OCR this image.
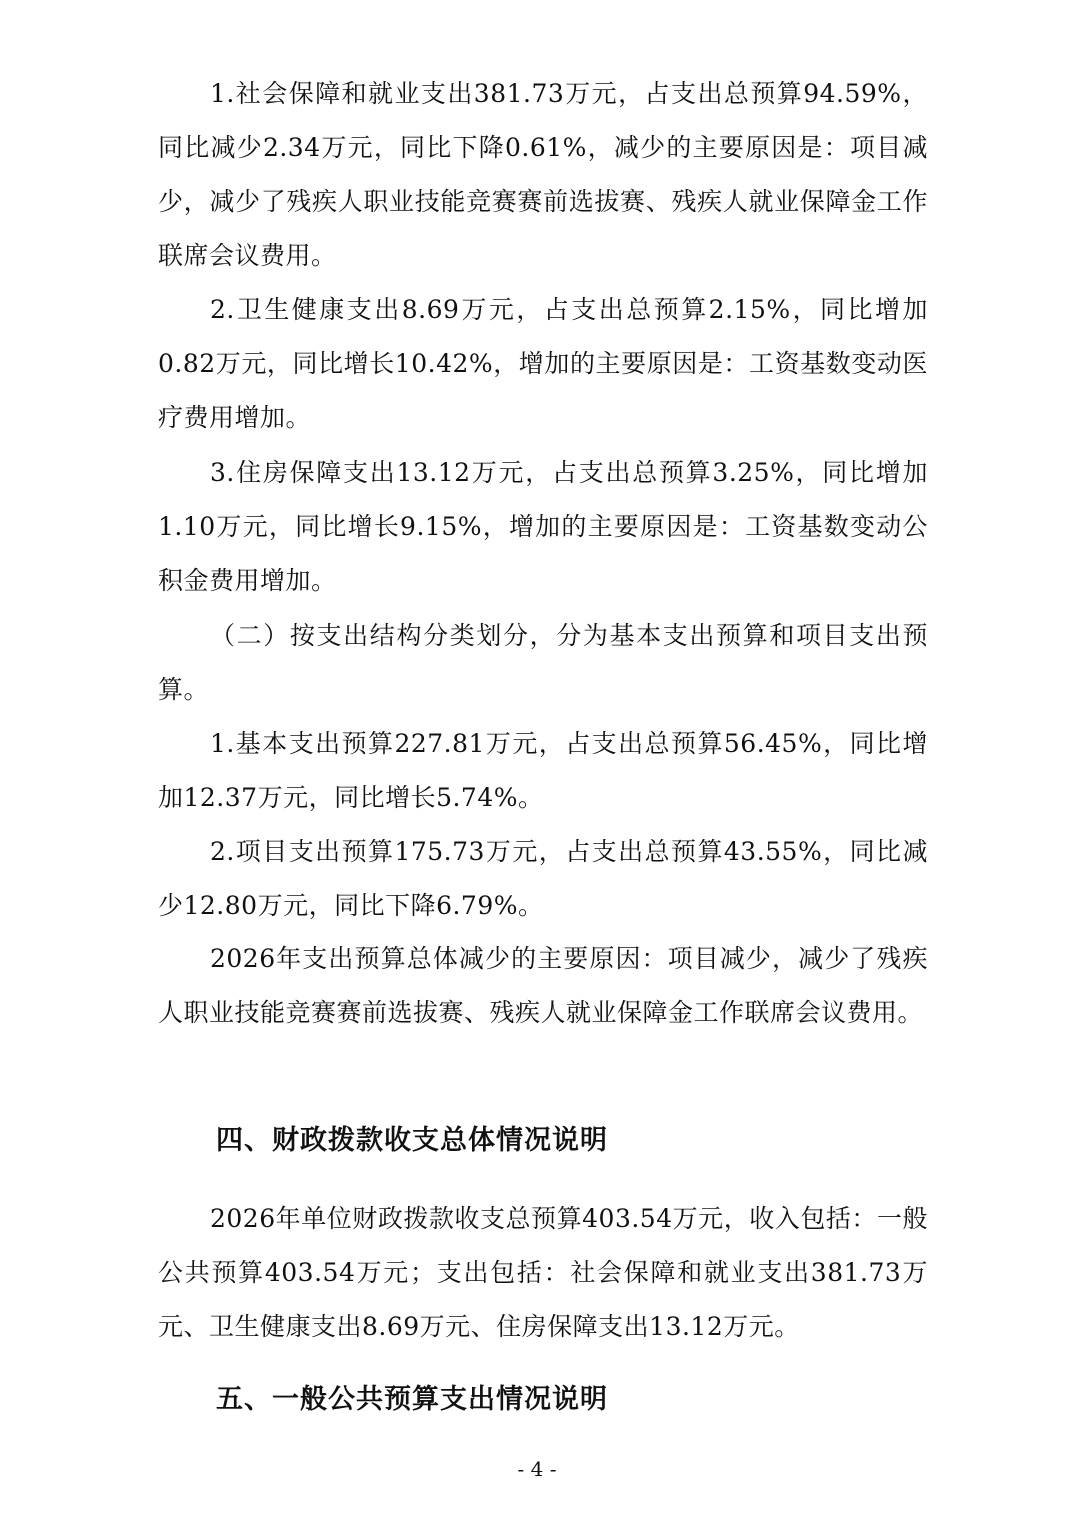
1.社会保障和就业支出381.73万元，占支出总预算94.59%，同比减少2.34万元，同比下降0.61%，减少的主要原因是：项目减少，减少了残疾人职业技能竞赛赛前选拔赛、残疾人就业保障金工作联席会议费用。

2.卫生健康支出8.69万元，占支出总预算2.15%，同比增加0.82万元，同比增长10.42%，增加的主要原因是：工资基数变动医疗费用增加。

3.住房保障支出13.12万元，占支出总预算3.25%，同比增加1.10万元，同比增长9.15%，增加的主要原因是：工资基数变动公积金费用增加。

（二）按支出结构分类划分，分为基本支出预算和项目支出预算。

1.基本支出预算227.81万元，占支出总预算56.45%，同比增加12.37万元，同比增长5.74%。

2.项目支出预算175.73万元，占支出总预算43.55%，同比减少12.80万元，同比下降6.79%。

2026年支出预算总体减少的主要原因：项目减少，减少了残疾人职业技能竞赛赛前选拔赛、残疾人就业保障金工作联席会议费用。

四、财政拨款收支总体情况说明

2026年单位财政拨款收支总预算403.54万元，收入包括：一般公共预算403.54万元；支出包括：社会保障和就业支出381.73万元、卫生健康支出8.69万元、住房保障支出13.12万元。

五、一般公共预算支出情况说明
- 4 -
